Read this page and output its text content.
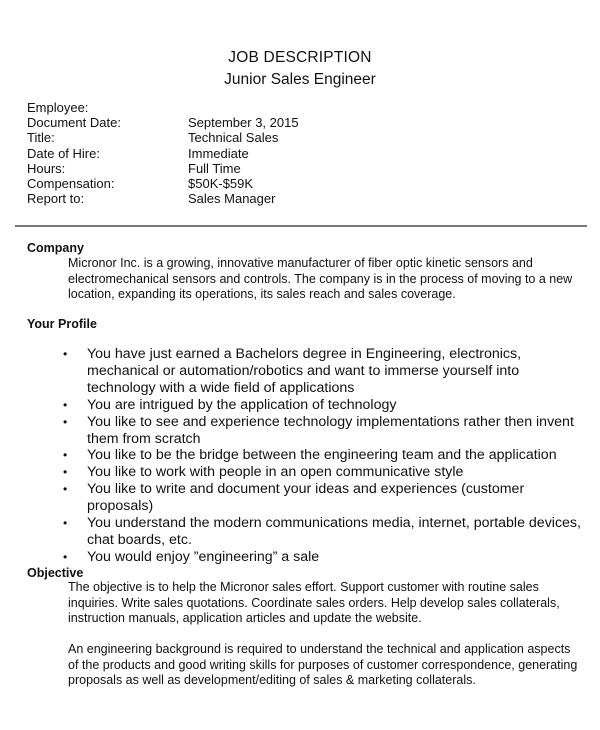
JOB DESCRIPTION
Junior Sales Engineer
Employee:
Document Date:	September 3, 2015
Title:	Technical Sales
Date of Hire:	Immediate
Hours:	Full Time
Compensation:	$50K-$59K
Report to:	Sales Manager
Company
Micronor Inc. is a growing, innovative manufacturer of fiber optic kinetic sensors and electromechanical sensors and controls. The company is in the process of moving to a new location, expanding its operations, its sales reach and sales coverage.
Your Profile
• You have just earned a Bachelors degree in Engineering, electronics, mechanical or automation/robotics and want to immerse yourself into technology with a wide field of applications
• You are intrigued by the application of technology
• You like to see and experience technology implementations rather then invent them from scratch
• You like to be the bridge between the engineering team and the application
• You like to work with people in an open communicative style
• You like to write and document your ideas and experiences (customer proposals)
• You understand the modern communications media, internet, portable devices, chat boards, etc.
• You would enjoy ”engineering” a sale
Objective
The objective is to help the Micronor sales effort. Support customer with routine sales inquiries. Write sales quotations. Coordinate sales orders. Help develop sales collaterals, instruction manuals, application articles and update the website.
An engineering background is required to understand the technical and application aspects of the products and good writing skills for purposes of customer correspondence, generating proposals as well as development/editing of sales & marketing collaterals.
